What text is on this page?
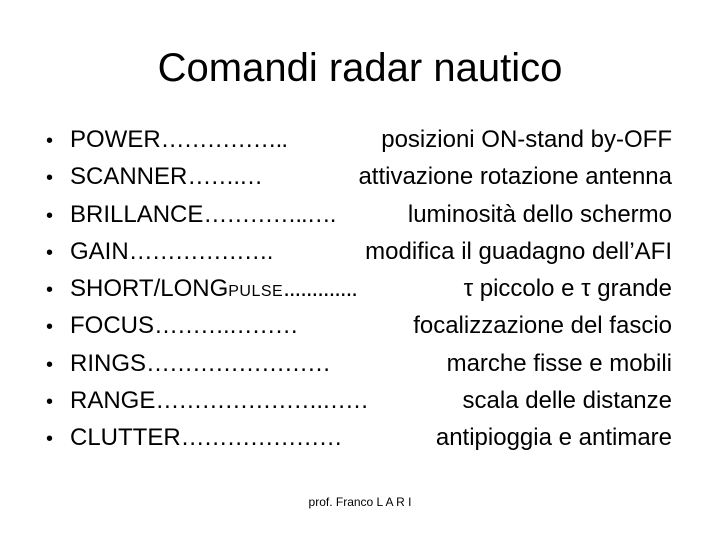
Comandi radar nautico
• POWER ……………..	posizioni ON-stand by-OFF
• SCANNER …….…	attivazione rotazione antenna
• BRILLANCE …………..….	luminosità dello schermo
• GAIN ……………….	modifica il guadagno dell’AFI
• SHORT/LONG PULSE .............	τ piccolo e τ grande
• FOCUS ……….………	focalizzazione del fascio
• RINGS ……………………	marche fisse e mobili
• RANGE ………………….……	scala delle distanze
• CLUTTER …………………	antipioggia e antimare
prof. Franco L A R I
